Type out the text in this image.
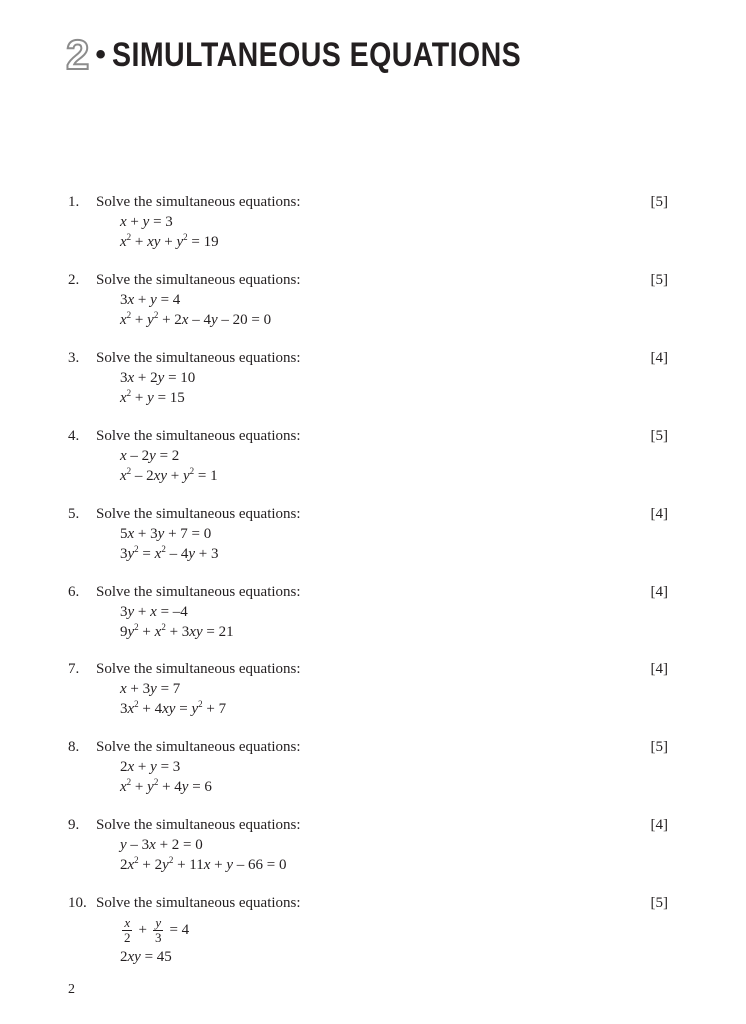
2 • SIMULTANEOUS EQUATIONS
1. Solve the simultaneous equations:	[5]
x + y = 3
$x^2$ + xy + $y^2 = 19$
2. Solve the simultaneous equations:	[5]
3x + y = 4
$x^2 + y^2 + 2x - 4y - 20 = 0$
3. Solve the simultaneous equations:	[4]
3x + 2y = 10
$x^2 + y = 15$
4. Solve the simultaneous equations:	[5]
x – 2y = 2
$x^2 - 2xy + y^2 = 1$
5. Solve the simultaneous equations:	[4]
5x + 3y + 7 = 0
$3y^2 = x^2 - 4y + 3$
6. Solve the simultaneous equations:	[4]
3y + x = –4
$9y^2 + x^2 + 3xy = 21$
7. Solve the simultaneous equations:	[4]
x + 3y = 7
$3x^2 + 4xy = y^2 + 7$
8. Solve the simultaneous equations:	[5]
2x + y = 3
$x^2 + y^2 + 4y = 6$
9. Solve the simultaneous equations:	[4]
y – 3x + 2 = 0
$2x^2 + 2y^2 + 11x + y - 66 = 0$
10. Solve the simultaneous equations:	[5]
$\frac{x}{2} + \frac{y}{3} = 4$
2xy = 45
2
